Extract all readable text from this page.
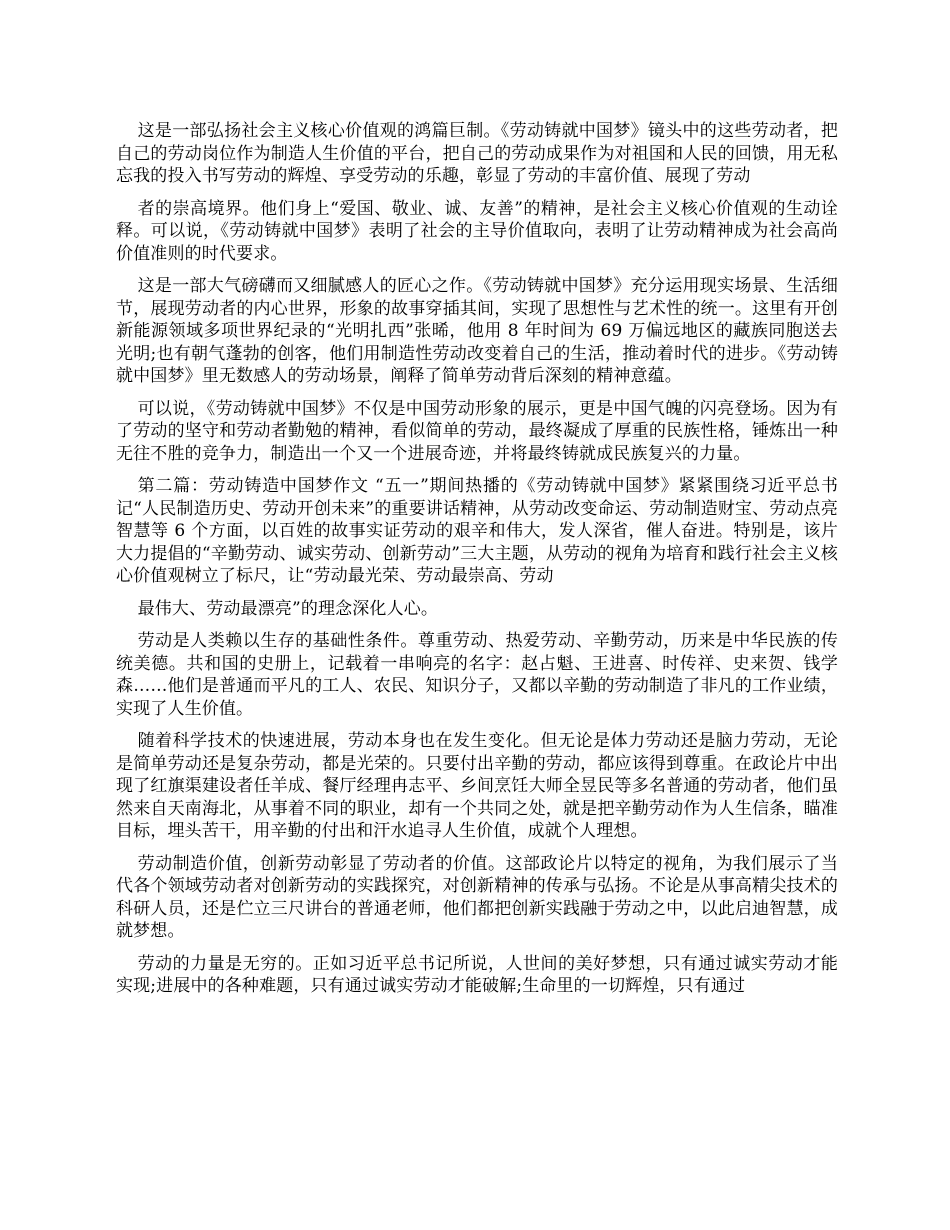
这是一部弘扬社会主义核心价值观的鸿篇巨制。《劳动铸就中国梦》镜头中的这些劳动者，把自己的劳动岗位作为制造人生价值的平台，把自己的劳动成果作为对祖国和人民的回馈，用无私忘我的投入书写劳动的辉煌、享受劳动的乐趣，彰显了劳动的丰富价值、展现了劳动

者的崇高境界。他们身上“爱国、敬业、诚、友善”的精神，是社会主义核心价值观的生动诠释。可以说，《劳动铸就中国梦》表明了社会的主导价值取向，表明了让劳动精神成为社会高尚价值准则的时代要求。

这是一部大气磅礴而又细腻感人的匠心之作。《劳动铸就中国梦》充分运用现实场景、生活细节，展现劳动者的内心世界，形象的故事穿插其间，实现了思想性与艺术性的统一。这里有开创新能源领域多项世界纪录的“光明扎西”张晞，他用 8 年时间为 69 万偏远地区的藏族同胞送去光明;也有朝气蓬勃的创客，他们用制造性劳动改变着自己的生活，推动着时代的进步。《劳动铸就中国梦》里无数感人的劳动场景，阐释了简单劳动背后深刻的精神意蕴。

可以说，《劳动铸就中国梦》不仅是中国劳动形象的展示，更是中国气魄的闪亮登场。因为有了劳动的坚守和劳动者勤勉的精神，看似简单的劳动，最终凝成了厚重的民族性格，锤炼出一种无往不胜的竞争力，制造出一个又一个进展奇迹，并将最终铸就成民族复兴的力量。

第二篇：劳动铸造中国梦作文 “五一”期间热播的《劳动铸就中国梦》紧紧围绕习近平总书记“人民制造历史、劳动开创未来”的重要讲话精神，从劳动改变命运、劳动制造财宝、劳动点亮智慧等 6 个方面，以百姓的故事实证劳动的艰辛和伟大，发人深省，催人奋进。特别是，该片大力提倡的“辛勤劳动、诚实劳动、创新劳动”三大主题，从劳动的视角为培育和践行社会主义核心价值观树立了标尺，让“劳动最光荣、劳动最崇高、劳动

最伟大、劳动最漂亮”的理念深化人心。

劳动是人类赖以生存的基础性条件。尊重劳动、热爱劳动、辛勤劳动，历来是中华民族的传统美德。共和国的史册上，记载着一串响亮的名字：赵占魁、王进喜、时传祥、史来贺、钱学森……他们是普通而平凡的工人、农民、知识分子，又都以辛勤的劳动制造了非凡的工作业绩，实现了人生价值。

随着科学技术的快速进展，劳动本身也在发生变化。但无论是体力劳动还是脑力劳动，无论是简单劳动还是复杂劳动，都是光荣的。只要付出辛勤的劳动，都应该得到尊重。在政论片中出现了红旗渠建设者任羊成、餐厅经理冉志平、乡间烹饪大师全昱民等多名普通的劳动者，他们虽然来自天南海北，从事着不同的职业，却有一个共同之处，就是把辛勤劳动作为人生信条，瞄准目标，埋头苦干，用辛勤的付出和汗水追寻人生价值，成就个人理想。

劳动制造价值，创新劳动彰显了劳动者的价值。这部政论片以特定的视角，为我们展示了当代各个领域劳动者对创新劳动的实践探究，对创新精神的传承与弘扬。不论是从事高精尖技术的科研人员，还是伫立三尺讲台的普通老师，他们都把创新实践融于劳动之中，以此启迪智慧，成就梦想。

劳动的力量是无穷的。正如习近平总书记所说，人世间的美好梦想，只有通过诚实劳动才能实现;进展中的各种难题，只有通过诚实劳动才能破解;生命里的一切辉煌，只有通过
